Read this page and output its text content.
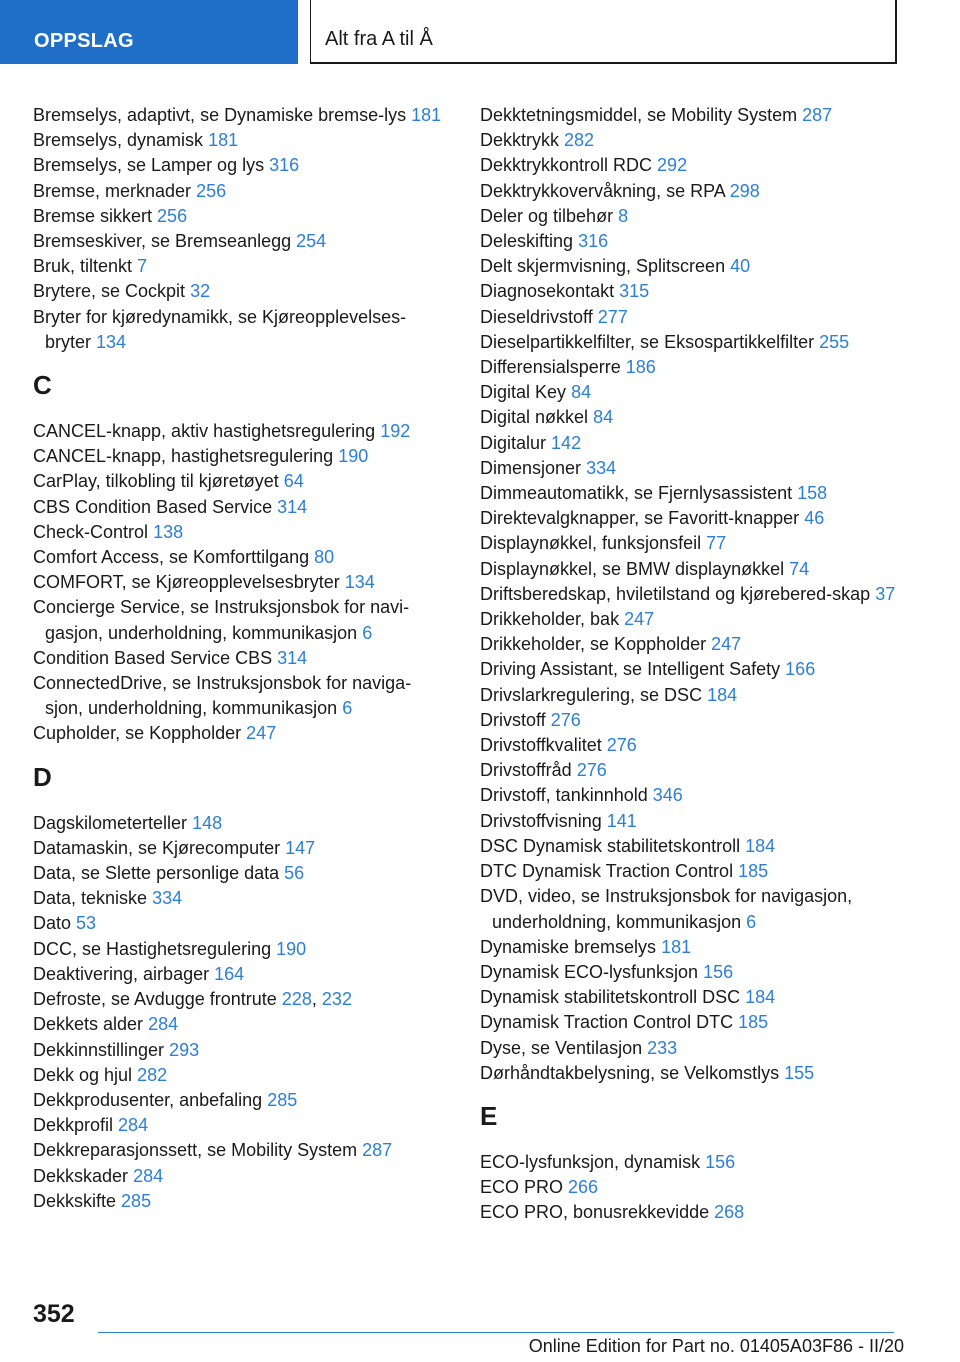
OPPSLAG	Alt fra A til Å
Bremselys, adaptivt, se Dynamiske bremse-lys 181
Bremselys, dynamisk 181
Bremselys, se Lamper og lys 316
Bremse, merknader 256
Bremse sikkert 256
Bremseskiver, se Bremseanlegg 254
Bruk, tiltenkt 7
Brytere, se Cockpit 32
Bryter for kjøredynamikk, se Kjøreopplevelses-bryter 134
C
CANCEL-knapp, aktiv hastighetsregulering 192
CANCEL-knapp, hastighetsregulering 190
CarPlay, tilkobling til kjøretøyet 64
CBS Condition Based Service 314
Check-Control 138
Comfort Access, se Komforttilgang 80
COMFORT, se Kjøreopplevelsesbryter 134
Concierge Service, se Instruksjonsbok for navi-gasjon, underholdning, kommunikasjon 6
Condition Based Service CBS 314
ConnectedDrive, se Instruksjonsbok for naviga-sjon, underholdning, kommunikasjon 6
Cupholder, se Koppholder 247
D
Dagskilometerteller 148
Datamaskin, se Kjørecomputer 147
Data, se Slette personlige data 56
Data, tekniske 334
Dato 53
DCC, se Hastighetsregulering 190
Deaktivering, airbager 164
Defroste, se Avdugge frontrute 228, 232
Dekkets alder 284
Dekkinnstillinger 293
Dekk og hjul 282
Dekkprodusenter, anbefaling 285
Dekkprofil 284
Dekkreparasjonssett, se Mobility System 287
Dekkskader 284
Dekkskifte 285
Dekktetningsmiddel, se Mobility System 287
Dekktrykk 282
Dekktrykkontroll RDC 292
Dekktrykkovervåkning, se RPA 298
Deler og tilbehør 8
Deleskifting 316
Delt skjermvisning, Splitscreen 40
Diagnosekontakt 315
Dieseldrivstoff 277
Dieselpartikkelfilter, se Eksospartikkelfilter 255
Differensialsperre 186
Digital Key 84
Digital nøkkel 84
Digitalur 142
Dimensjoner 334
Dimmeautomatikk, se Fjernlysassistent 158
Direktevalgknapper, se Favoritt-knapper 46
Displaynøkkel, funksjonsfeil 77
Displaynøkkel, se BMW displaynøkkel 74
Driftsberedskap, hviletilstand og kjørebered-skap 37
Drikkeholder, bak 247
Drikkeholder, se Koppholder 247
Driving Assistant, se Intelligent Safety 166
Drivslarkregulering, se DSC 184
Drivstoff 276
Drivstoffkvalitet 276
Drivstoffråd 276
Drivstoff, tankinnhold 346
Drivstoffvisning 141
DSC Dynamisk stabilitetskontroll 184
DTC Dynamisk Traction Control 185
DVD, video, se Instruksjonsbok for navigasjon, underholdning, kommunikasjon 6
Dynamiske bremselys 181
Dynamisk ECO-lysfunksjon 156
Dynamisk stabilitetskontroll DSC 184
Dynamisk Traction Control DTC 185
Dyse, se Ventilasjon 233
Dørhåndtakbelysning, se Velkomstlys 155
E
ECO-lysfunksjon, dynamisk 156
ECO PRO 266
ECO PRO, bonusrekkevidde 268
352
Online Edition for Part no. 01405A03F86 - II/20
